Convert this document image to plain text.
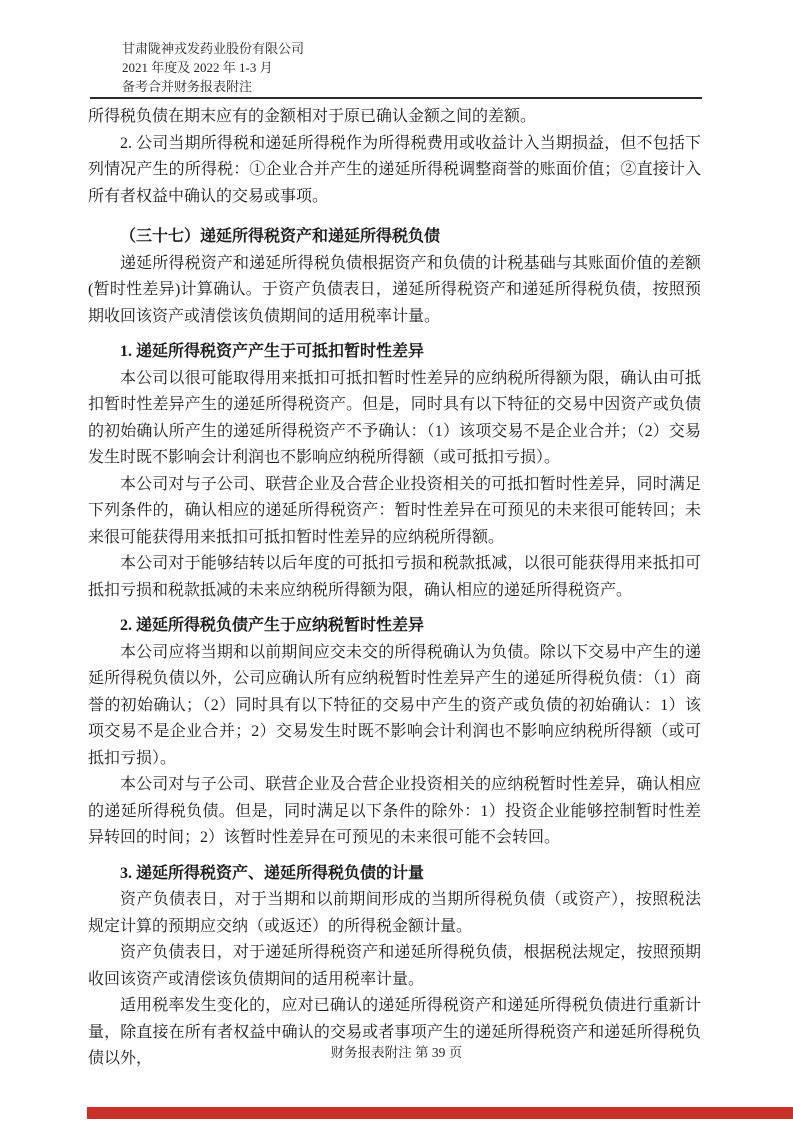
甘肃陇神戎发药业股份有限公司
2021 年度及 2022 年 1-3 月
备考合并财务报表附注

所得税负债在期末应有的金额相对于原已确认金额之间的差额。

2. 公司当期所得税和递延所得税作为所得税费用或收益计入当期损益，但不包括下列情况产生的所得税：①企业合并产生的递延所得税调整商誉的账面价值；②直接计入所有者权益中确认的交易或事项。

（三十七）递延所得税资产和递延所得税负债

递延所得税资产和递延所得税负债根据资产和负债的计税基础与其账面价值的差额(暂时性差异)计算确认。于资产负债表日，递延所得税资产和递延所得税负债，按照预期收回该资产或清偿该负债期间的适用税率计量。

1. 递延所得税资产产生于可抵扣暂时性差异

本公司以很可能取得用来抵扣可抵扣暂时性差异的应纳税所得额为限，确认由可抵扣暂时性差异产生的递延所得税资产。但是，同时具有以下特征的交易中因资产或负债的初始确认所产生的递延所得税资产不予确认：（1）该项交易不是企业合并；（2）交易发生时既不影响会计利润也不影响应纳税所得额（或可抵扣亏损）。

本公司对与子公司、联营企业及合营企业投资相关的可抵扣暂时性差异，同时满足下列条件的，确认相应的递延所得税资产：暂时性差异在可预见的未来很可能转回；未来很可能获得用来抵扣可抵扣暂时性差异的应纳税所得额。

本公司对于能够结转以后年度的可抵扣亏损和税款抵减，以很可能获得用来抵扣可抵扣亏损和税款抵减的未来应纳税所得额为限，确认相应的递延所得税资产。

2. 递延所得税负债产生于应纳税暂时性差异

本公司应将当期和以前期间应交未交的所得税确认为负债。除以下交易中产生的递延所得税负债以外，公司应确认所有应纳税暂时性差异产生的递延所得税负债：（1）商誉的初始确认；（2）同时具有以下特征的交易中产生的资产或负债的初始确认：1）该项交易不是企业合并；2）交易发生时既不影响会计利润也不影响应纳税所得额（或可抵扣亏损）。

本公司对与子公司、联营企业及合营企业投资相关的应纳税暂时性差异，确认相应的递延所得税负债。但是，同时满足以下条件的除外：1）投资企业能够控制暂时性差异转回的时间；2）该暂时性差异在可预见的未来很可能不会转回。

3. 递延所得税资产、递延所得税负债的计量

资产负债表日，对于当期和以前期间形成的当期所得税负债（或资产），按照税法规定计算的预期应交纳（或返还）的所得税金额计量。

资产负债表日，对于递延所得税资产和递延所得税负债，根据税法规定，按照预期收回该资产或清偿该负债期间的适用税率计量。

适用税率发生变化的，应对已确认的递延所得税资产和递延所得税负债进行重新计量，除直接在所有者权益中确认的交易或者事项产生的递延所得税资产和递延所得税负债以外，	财务报表附注 第 39 页
